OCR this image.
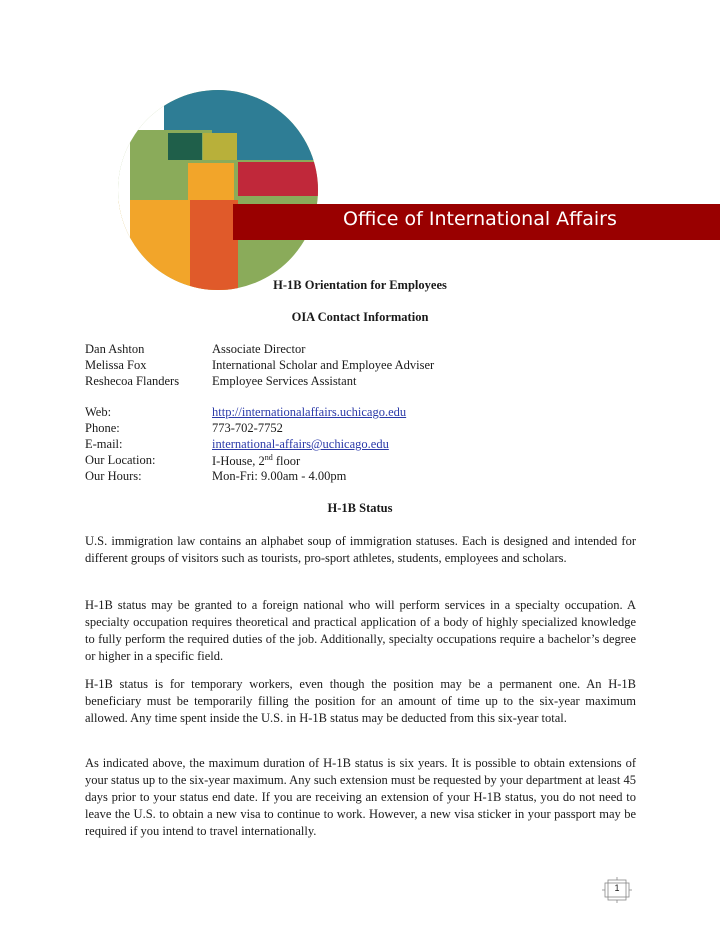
Office of International Affairs
H-1B Orientation for Employees
OIA Contact Information
Dan Ashton	Associate Director
Melissa Fox	International Scholar and Employee Adviser
Reshecoa Flanders	Employee Services Assistant
Web:	http://internationalaffairs.uchicago.edu
Phone:	773-702-7752
E-mail:	international-affairs@uchicago.edu
Our Location:	I-House, 2nd floor
Our Hours:	Mon-Fri: 9.00am - 4.00pm
H-1B Status

U.S. immigration law contains an alphabet soup of immigration statuses. Each is designed and intended for different groups of visitors such as tourists, pro-sport athletes, students, employees and scholars.

H-1B status may be granted to a foreign national who will perform services in a specialty occupation. A specialty occupation requires theoretical and practical application of a body of highly specialized knowledge to fully perform the required duties of the job. Additionally, specialty occupations require a bachelor’s degree or higher in a specific field.

H-1B status is for temporary workers, even though the position may be a permanent one. An H-1B beneficiary must be temporarily filling the position for an amount of time up to the six-year maximum allowed. Any time spent inside the U.S. in H-1B status may be deducted from this six-year total.

As indicated above, the maximum duration of H-1B status is six years. It is possible to obtain extensions of your status up to the six-year maximum. Any such extension must be requested by your department at least 45 days prior to your status end date. If you are receiving an extension of your H-1B status, you do not need to leave the U.S. to obtain a new visa to continue to work. However, a new visa sticker in your passport may be required if you intend to travel internationally.

1
